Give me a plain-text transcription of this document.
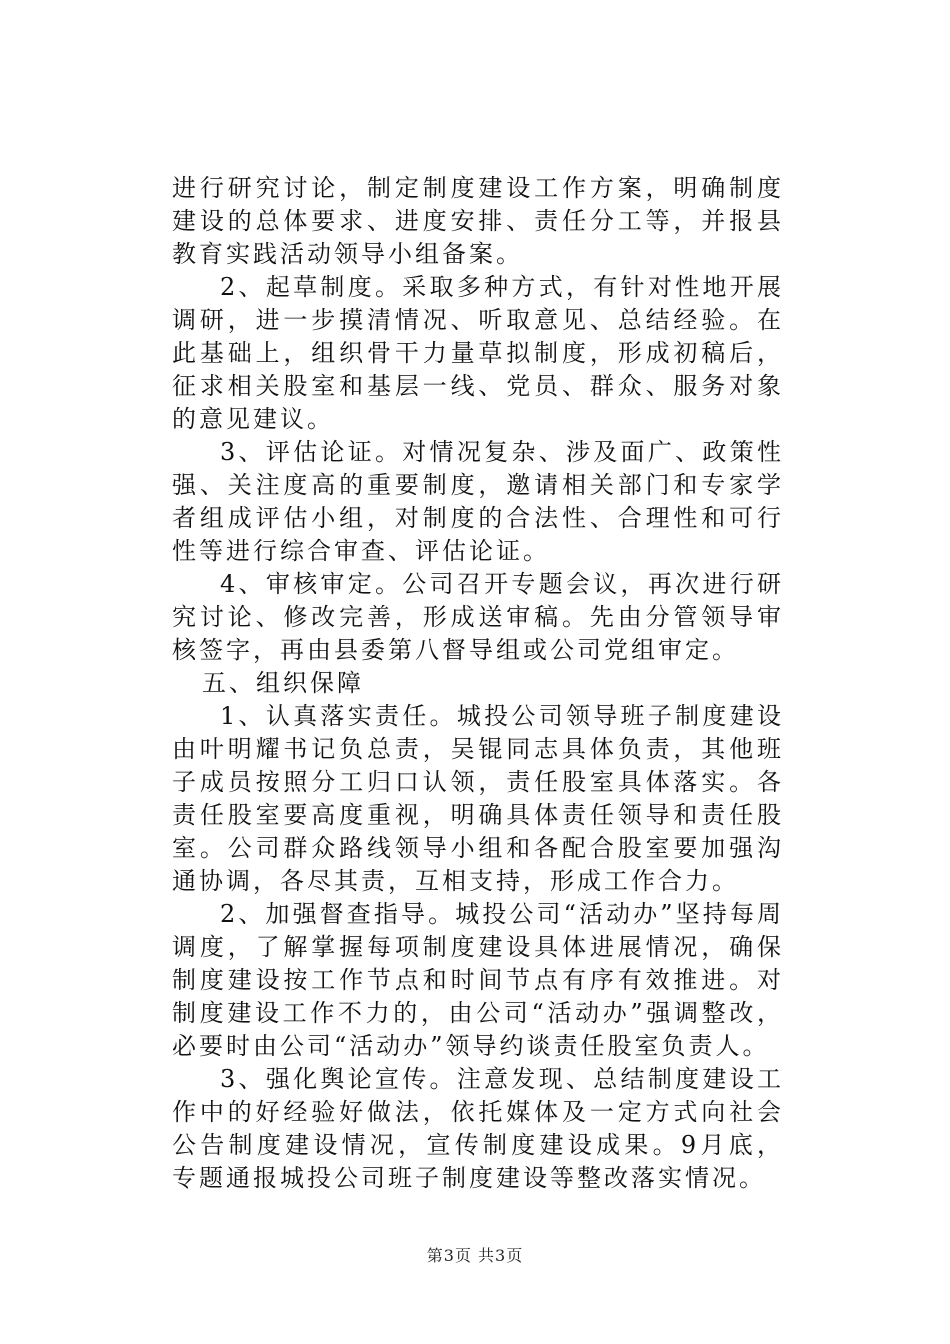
进行研究讨论，制定制度建设工作方案，明确制度建设的总体要求、进度安排、责任分工等，并报县教育实践活动领导小组备案。

2、起草制度。采取多种方式，有针对性地开展调研，进一步摸清情况、听取意见、总结经验。在此基础上，组织骨干力量草拟制度，形成初稿后，征求相关股室和基层一线、党员、群众、服务对象的意见建议。

3、评估论证。对情况复杂、涉及面广、政策性强、关注度高的重要制度，邀请相关部门和专家学者组成评估小组，对制度的合法性、合理性和可行性等进行综合审查、评估论证。

4、审核审定。公司召开专题会议，再次进行研究讨论、修改完善，形成送审稿。先由分管领导审核签字，再由县委第八督导组或公司党组审定。

五、组织保障

1、认真落实责任。城投公司领导班子制度建设由叶明耀书记负总责，吴锟同志具体负责，其他班子成员按照分工归口认领，责任股室具体落实。各责任股室要高度重视，明确具体责任领导和责任股室。公司群众路线领导小组和各配合股室要加强沟通协调，各尽其责，互相支持，形成工作合力。

2、加强督查指导。城投公司“活动办”坚持每周调度，了解掌握每项制度建设具体进展情况，确保制度建设按工作节点和时间节点有序有效推进。对制度建设工作不力的，由公司“活动办”强调整改，必要时由公司“活动办”领导约谈责任股室负责人。

3、强化舆论宣传。注意发现、总结制度建设工作中的好经验好做法，依托媒体及一定方式向社会公告制度建设情况，宣传制度建设成果。9月底，专题通报城投公司班子制度建设等整改落实情况。

第3页 共3页
